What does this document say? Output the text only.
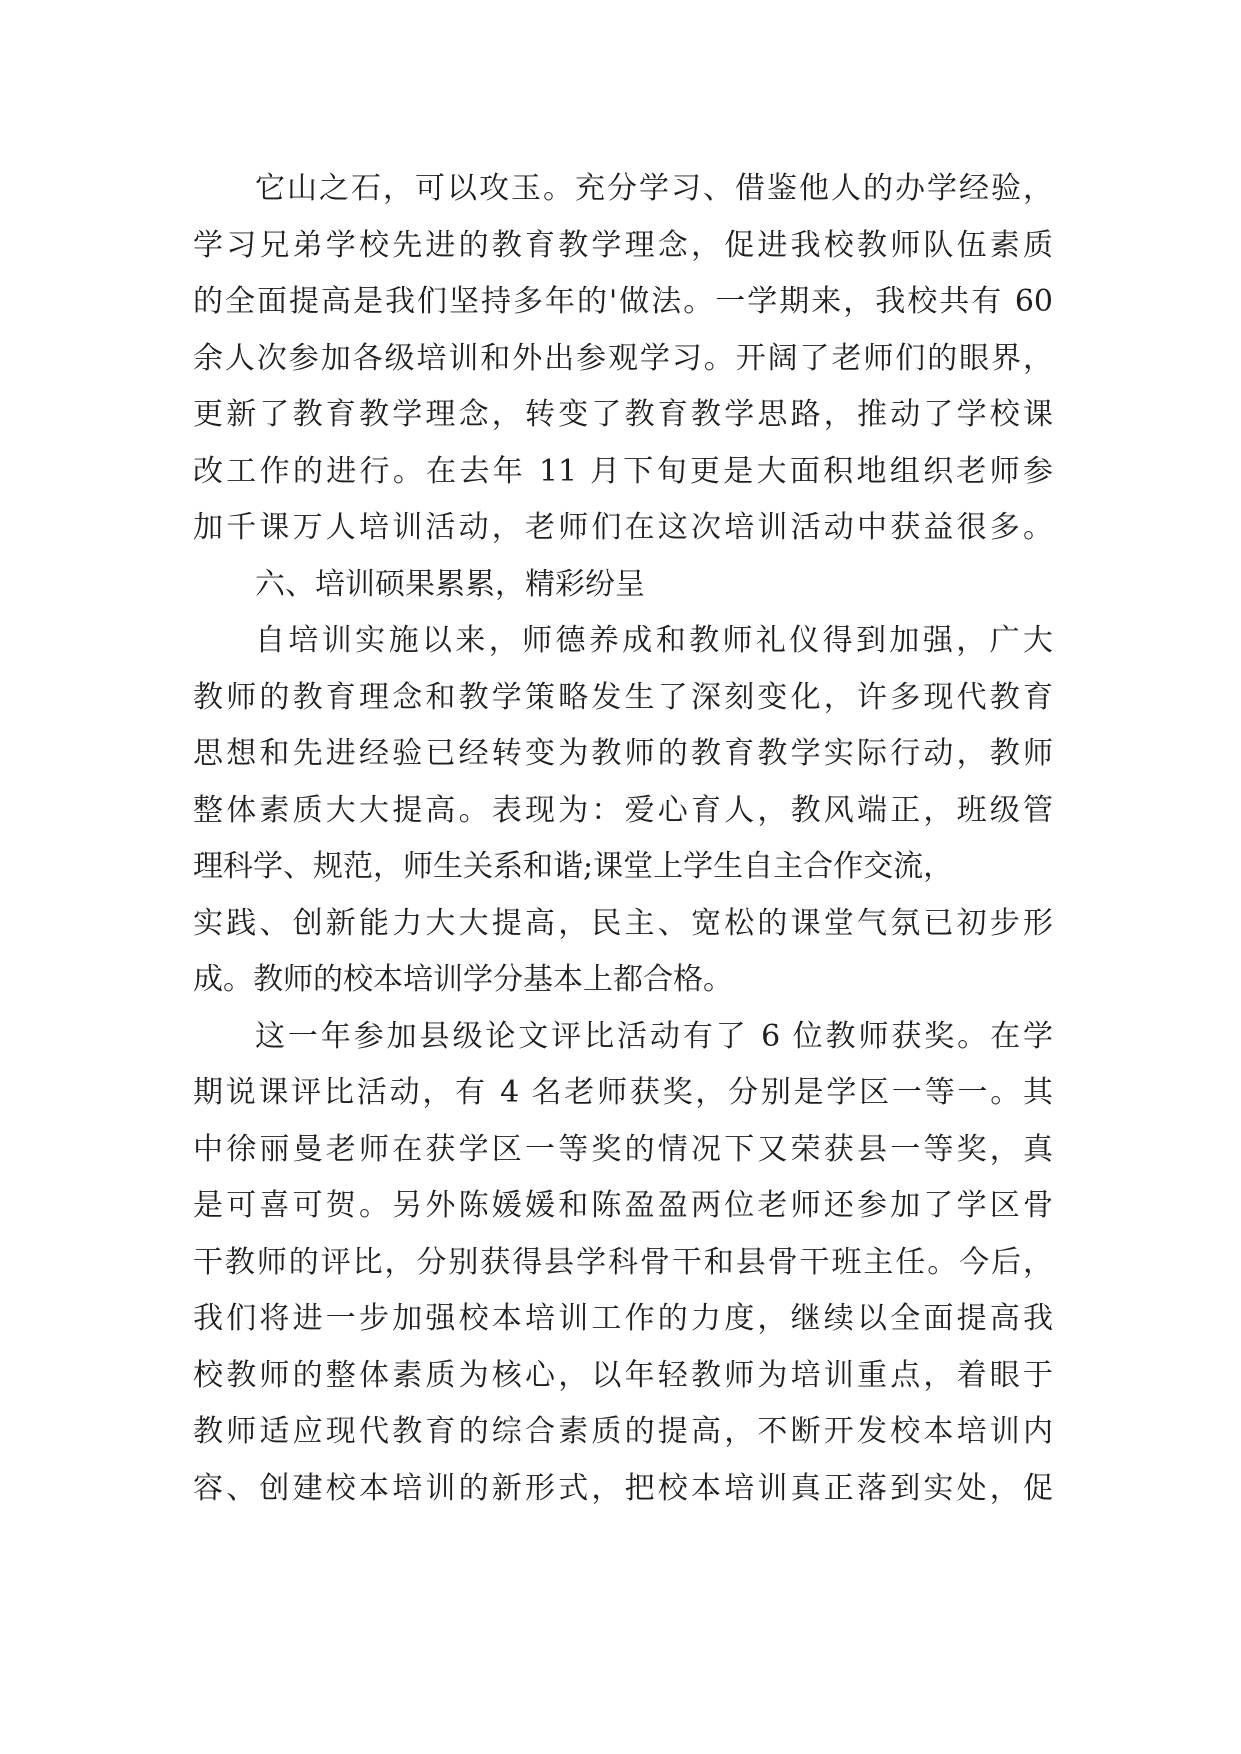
它山之石，可以攻玉。充分学习、借鉴他人的办学经验，
学习兄弟学校先进的教育教学理念，促进我校教师队伍素质
的全面提高是我们坚持多年的'做法。一学期来，我校共有 60
余人次参加各级培训和外出参观学习。开阔了老师们的眼界，
更新了教育教学理念，转变了教育教学思路，推动了学校课
改工作的进行。在去年 11 月下旬更是大面积地组织老师参
加千课万人培训活动，老师们在这次培训活动中获益很多。
六、培训硕果累累，精彩纷呈
自培训实施以来，师德养成和教师礼仪得到加强，广大
教师的教育理念和教学策略发生了深刻变化，许多现代教育
思想和先进经验已经转变为教师的教育教学实际行动，教师
整体素质大大提高。表现为：爱心育人，教风端正，班级管
理科学、规范，师生关系和谐;课堂上学生自主合作交流，
实践、创新能力大大提高，民主、宽松的课堂气氛已初步形
成。教师的校本培训学分基本上都合格。
这一年参加县级论文评比活动有了 6 位教师获奖。在学
期说课评比活动，有 4 名老师获奖，分别是学区一等一。其
中徐丽曼老师在获学区一等奖的情况下又荣获县一等奖，真
是可喜可贺。另外陈媛媛和陈盈盈两位老师还参加了学区骨
干教师的评比，分别获得县学科骨干和县骨干班主任。今后，
我们将进一步加强校本培训工作的力度，继续以全面提高我
校教师的整体素质为核心，以年轻教师为培训重点，着眼于
教师适应现代教育的综合素质的提高，不断开发校本培训内
容、创建校本培训的新形式，把校本培训真正落到实处，促
